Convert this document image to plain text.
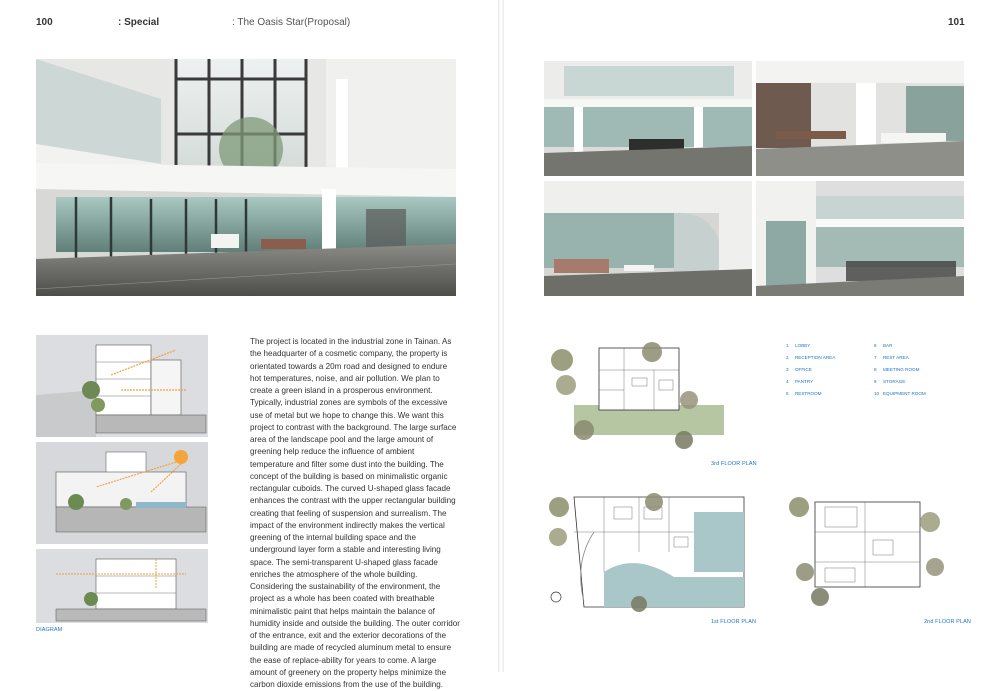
100	: Special	: The Oasis Star(Proposal)	101
DIAGRAM
The project is located in the industrial zone in Tainan. As the headquarter of a cosmetic company, the property is orientated towards a 20m road and designed to endure hot temperatures, noise, and air pollution. We plan to create a green island in a prosperous environment. Typically, industrial zones are symbols of the excessive use of metal but we hope to change this. We want this project to contrast with the background. The large surface area of the landscape pool and the large amount of greening help reduce the influence of ambient temperature and filter some dust into the building. The concept of the building is based on minimalistic organic rectangular cuboids. The curved U-shaped glass facade enhances the contrast with the upper rectangular building creating that feeling of suspension and surrealism. The impact of the environment indirectly makes the vertical greening of the internal building space and the underground layer form a stable and interesting living space. The semi-transparent U-shaped glass facade enriches the atmosphere of the whole building. Considering the sustainability of the environment, the project as a whole has been coated with breathable minimalistic paint that helps maintain the balance of humidity inside and outside the building. The outer corridor of the entrance, exit and the exterior decorations of the building are made of recycled aluminum metal to ensure the ease of replace-ability for years to come. A large amount of greenery on the property helps minimize the carbon dioxide emissions from the use of the building.
3rd FLOOR PLAN
1 LOBBY
2 RECEPTION AREA
3 OFFICE
4 PANTRY
5 RESTROOM
6 BAR
7 REST AREA
8 MEETING ROOM
9 STORAGE
10 EQUIPMENT ROOM
1st FLOOR PLAN	2nd FLOOR PLAN
